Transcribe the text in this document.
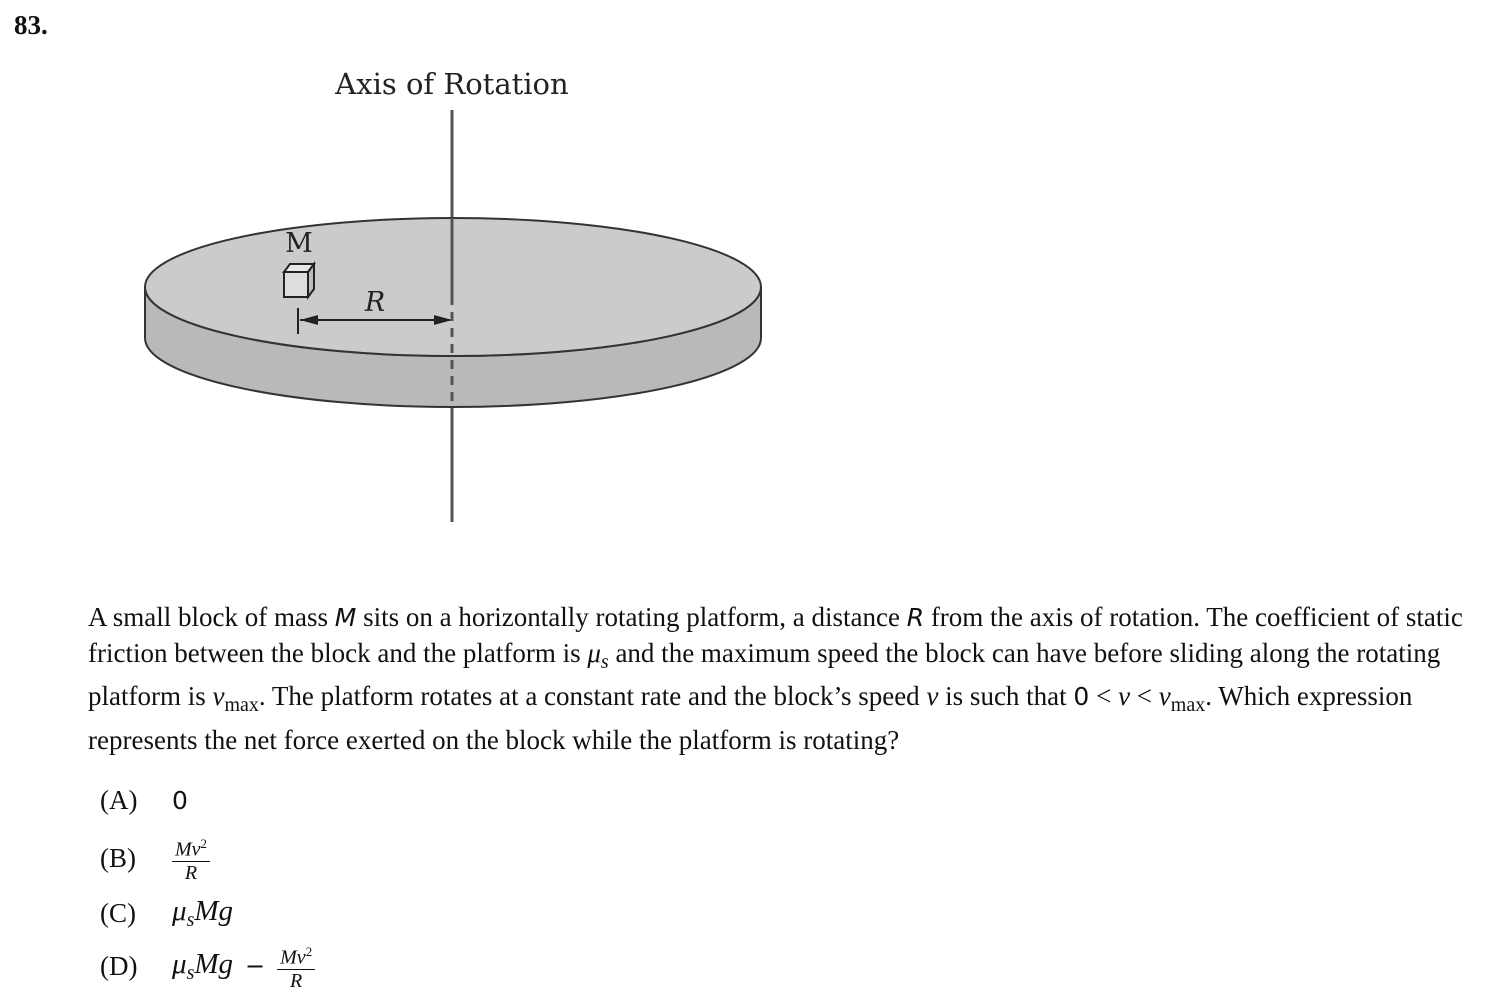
83.
Axis of Rotation
M
R
A small block of mass M sits on a horizontally rotating platform, a distance R from the axis of rotation. The coefficient of static friction between the block and the platform is $\mu_s$ and the maximum speed the block can have before sliding along the rotating platform is $v_{max}$. The platform rotates at a constant rate and the block’s speed v is such that $0 < v < v_{max}$. Which expression represents the net force exerted on the block while the platform is rotating?
(A)	0
(B)	$\frac{Mv^2}{R}$
(C)	$\mu_sMg$
(D)	$\mu_sMg - \frac{Mv^2}{R}$
